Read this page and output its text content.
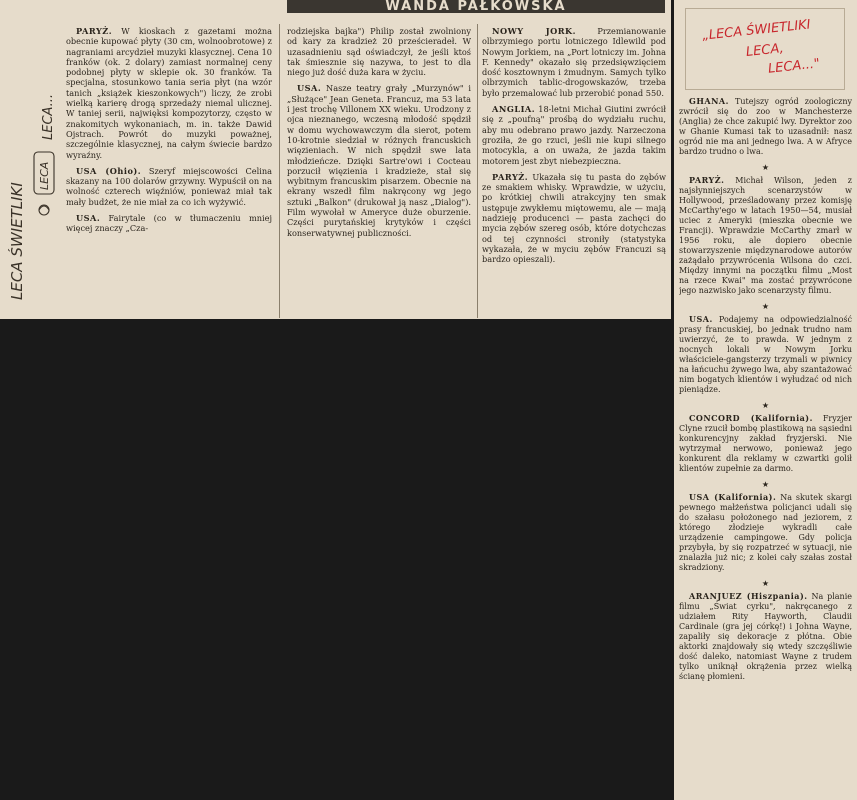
WANDA PAŁKOWSKA
LECA ŚWIETLIKI
LECA...
LECA

PARYŻ. W kioskach z gazetami można obecnie kupować płyty (30 cm, wolnoobrotowe) z nagraniami arcydzieł muzyki klasycznej. Cena 10 franków (ok. 2 dolary) zamiast normalnej ceny podobnej płyty w sklepie ok. 30 franków. Ta specjalna, stosunkowo tania seria płyt (na wzór tanich „książek kieszonkowych") liczy, że zrobi wielką karierę drogą sprzedaży niemal ulicznej. W taniej serii, najwięksi kompozytorzy, często w znakomitych wykonaniach, m. in. także Dawid Ojstrach. Powrót do muzyki poważnej, szczególnie klasycznej, na całym świecie bardzo wyraźny.

USA (Ohio). Szeryf miejscowości Celina skazany na 100 dolarów grzywny. Wypuścił on na wolność czterech więźniów, ponieważ miał tak mały budżet, że nie miał za co ich wyżywić.

USA. Fairytale (co w tłumaczeniu mniej więcej znaczy „Cza-

rodziejska bajka") Philip został zwolniony od kary za kradzież 20 prześcieradeł. W uzasadnieniu sąd oświadczył, że jeśli ktoś tak śmiesznie się nazywa, to jest to dla niego już dość duża kara w życiu.

USA. Nasze teatry grały „Murzynów" i „Służące" Jean Geneta. Francuz, ma 53 lata i jest trochę Villonem XX wieku. Urodzony z ojca nieznanego, wczesną młodość spędził w domu wychowawczym dla sierot, potem 10-krotnie siedział w różnych francuskich więzieniach. W nich spędził swe lata młodzieńcze. Dzięki Sartre'owi i Cocteau porzucił więzienia i kradzieże, stał się wybitnym francuskim pisarzem. Obecnie na ekrany wszedł film nakręcony wg jego sztuki „Balkon" (drukował ją nasz „Dialog"). Film wywołał w Ameryce duże oburzenie. Części purytańskiej krytyków i części konserwatywnej publiczności.

NOWY JORK.	Przemianowanie olbrzymiego portu lotniczego Idlewild pod Nowym Jorkiem, na „Port lotniczy im. Johna F. Kennedy" okazało się przedsięwzięciem dość kosztownym i żmudnym. Samych tylko olbrzymich tablic-drogowskazów, trzeba było przemalować lub przerobić ponad 550.

ANGLIA. 18-letni Michał Giutini zwrócił się z „poufną" prośbą do wydziału ruchu, aby mu odebrano prawo jazdy. Narzeczona groziła, że go rzuci, jeśli nie kupi silnego motocykla, a on uważa, że jazda takim motorem jest zbyt niebezpieczna.

PARYŻ. Ukazała się tu pasta do zębów ze smakiem whisky. Wprawdzie, w użyciu, po krótkiej chwili atrakcyjny ten smak ustępuje zwykłemu miętowemu, ale — mają nadzieję producenci — pasta zachęci do mycia zębów szereg osób, które dotychczas od tej czynności stroniły (statystyka wykazała, że w myciu zębów Francuzi są bardzo opieszali).

„LECA ŚWIETLIKI
LECA,
LECA..."

GHANA. Tutejszy ogród zoologiczny zwrócił się do zoo w Manchesterze (Anglia) że chce zakupić lwy. Dyrektor zoo w Ghanie Kumasi tak to uzasadnił: nasz ogród nie ma ani jednego lwa. A w Afryce bardzo trudno o lwa.

★

PARYŻ. Michał Wilson, jeden z najsłynniejszych scenarzystów w Hollywood, prześladowany przez komisję McCarthy'ego w latach 1950—54, musiał uciec z Ameryki (mieszka obecnie we Francji). Wprawdzie McCarthy zmarł w 1956 roku, ale dopiero obecnie stowarzyszenie międzynarodowe autorów zażądało przywrócenia Wilsona do czci. Między innymi na początku filmu „Most na rzece Kwai" ma zostać przywrócone jego nazwisko jako scenarzysty filmu.

★

USA. Podajemy na odpowiedzialność prasy francuskiej, bo jednak trudno nam uwierzyć, że to prawda. W jednym z nocnych lokali w Nowym Jorku właściciele-gangsterzy trzymali w piwnicy na łańcuchu żywego lwa, aby szantażować nim bogatych klientów i wyłudzać od nich pieniądze.

★

CONCORD (Kalifornia). Fryzjer Clyne rzucił bombę plastikową na sąsiedni konkurencyjny zakład fryzjerski. Nie wytrzymał nerwowo, ponieważ jego konkurent dla reklamy w czwartki golił klientów zupełnie za darmo.

★

USA (Kalifornia). Na skutek skargi pewnego małżeństwa policjanci udali się do szałasu położonego nad jeziorem, z którego złodzieje wykradli całe urządzenie campingowe. Gdy policja przybyła, by się rozpatrzeć w sytuacji, nie znalazła już nic; z kolei cały szałas został skradziony.

★

ARANJUEZ (Hiszpania). Na planie filmu „Świat cyrku", nakręcanego z udziałem Rity Hayworth, Claudii Cardinale (gra jej córkę!) i Johna Wayne, zapaliły się dekoracje z płótna. Obie aktorki znajdowały się wtedy szczęśliwie dość daleko, natomiast Wayne z trudem tylko uniknął okrążenia przez wielką ścianę płomieni.
